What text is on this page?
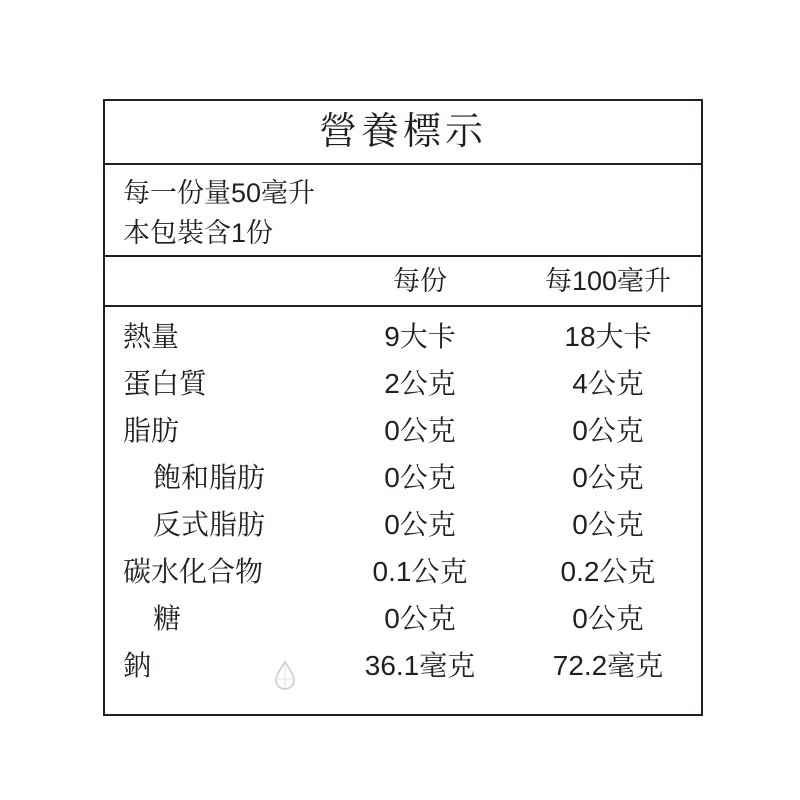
營養標示
每一份量50毫升
本包裝含1份
每份	每100毫升
熱量	9大卡	18大卡
蛋白質	2公克	4公克
脂肪	0公克	0公克
飽和脂肪	0公克	0公克
反式脂肪	0公克	0公克
碳水化合物	0.1公克	0.2公克
糖	0公克	0公克
鈉	36.1毫克	72.2毫克
